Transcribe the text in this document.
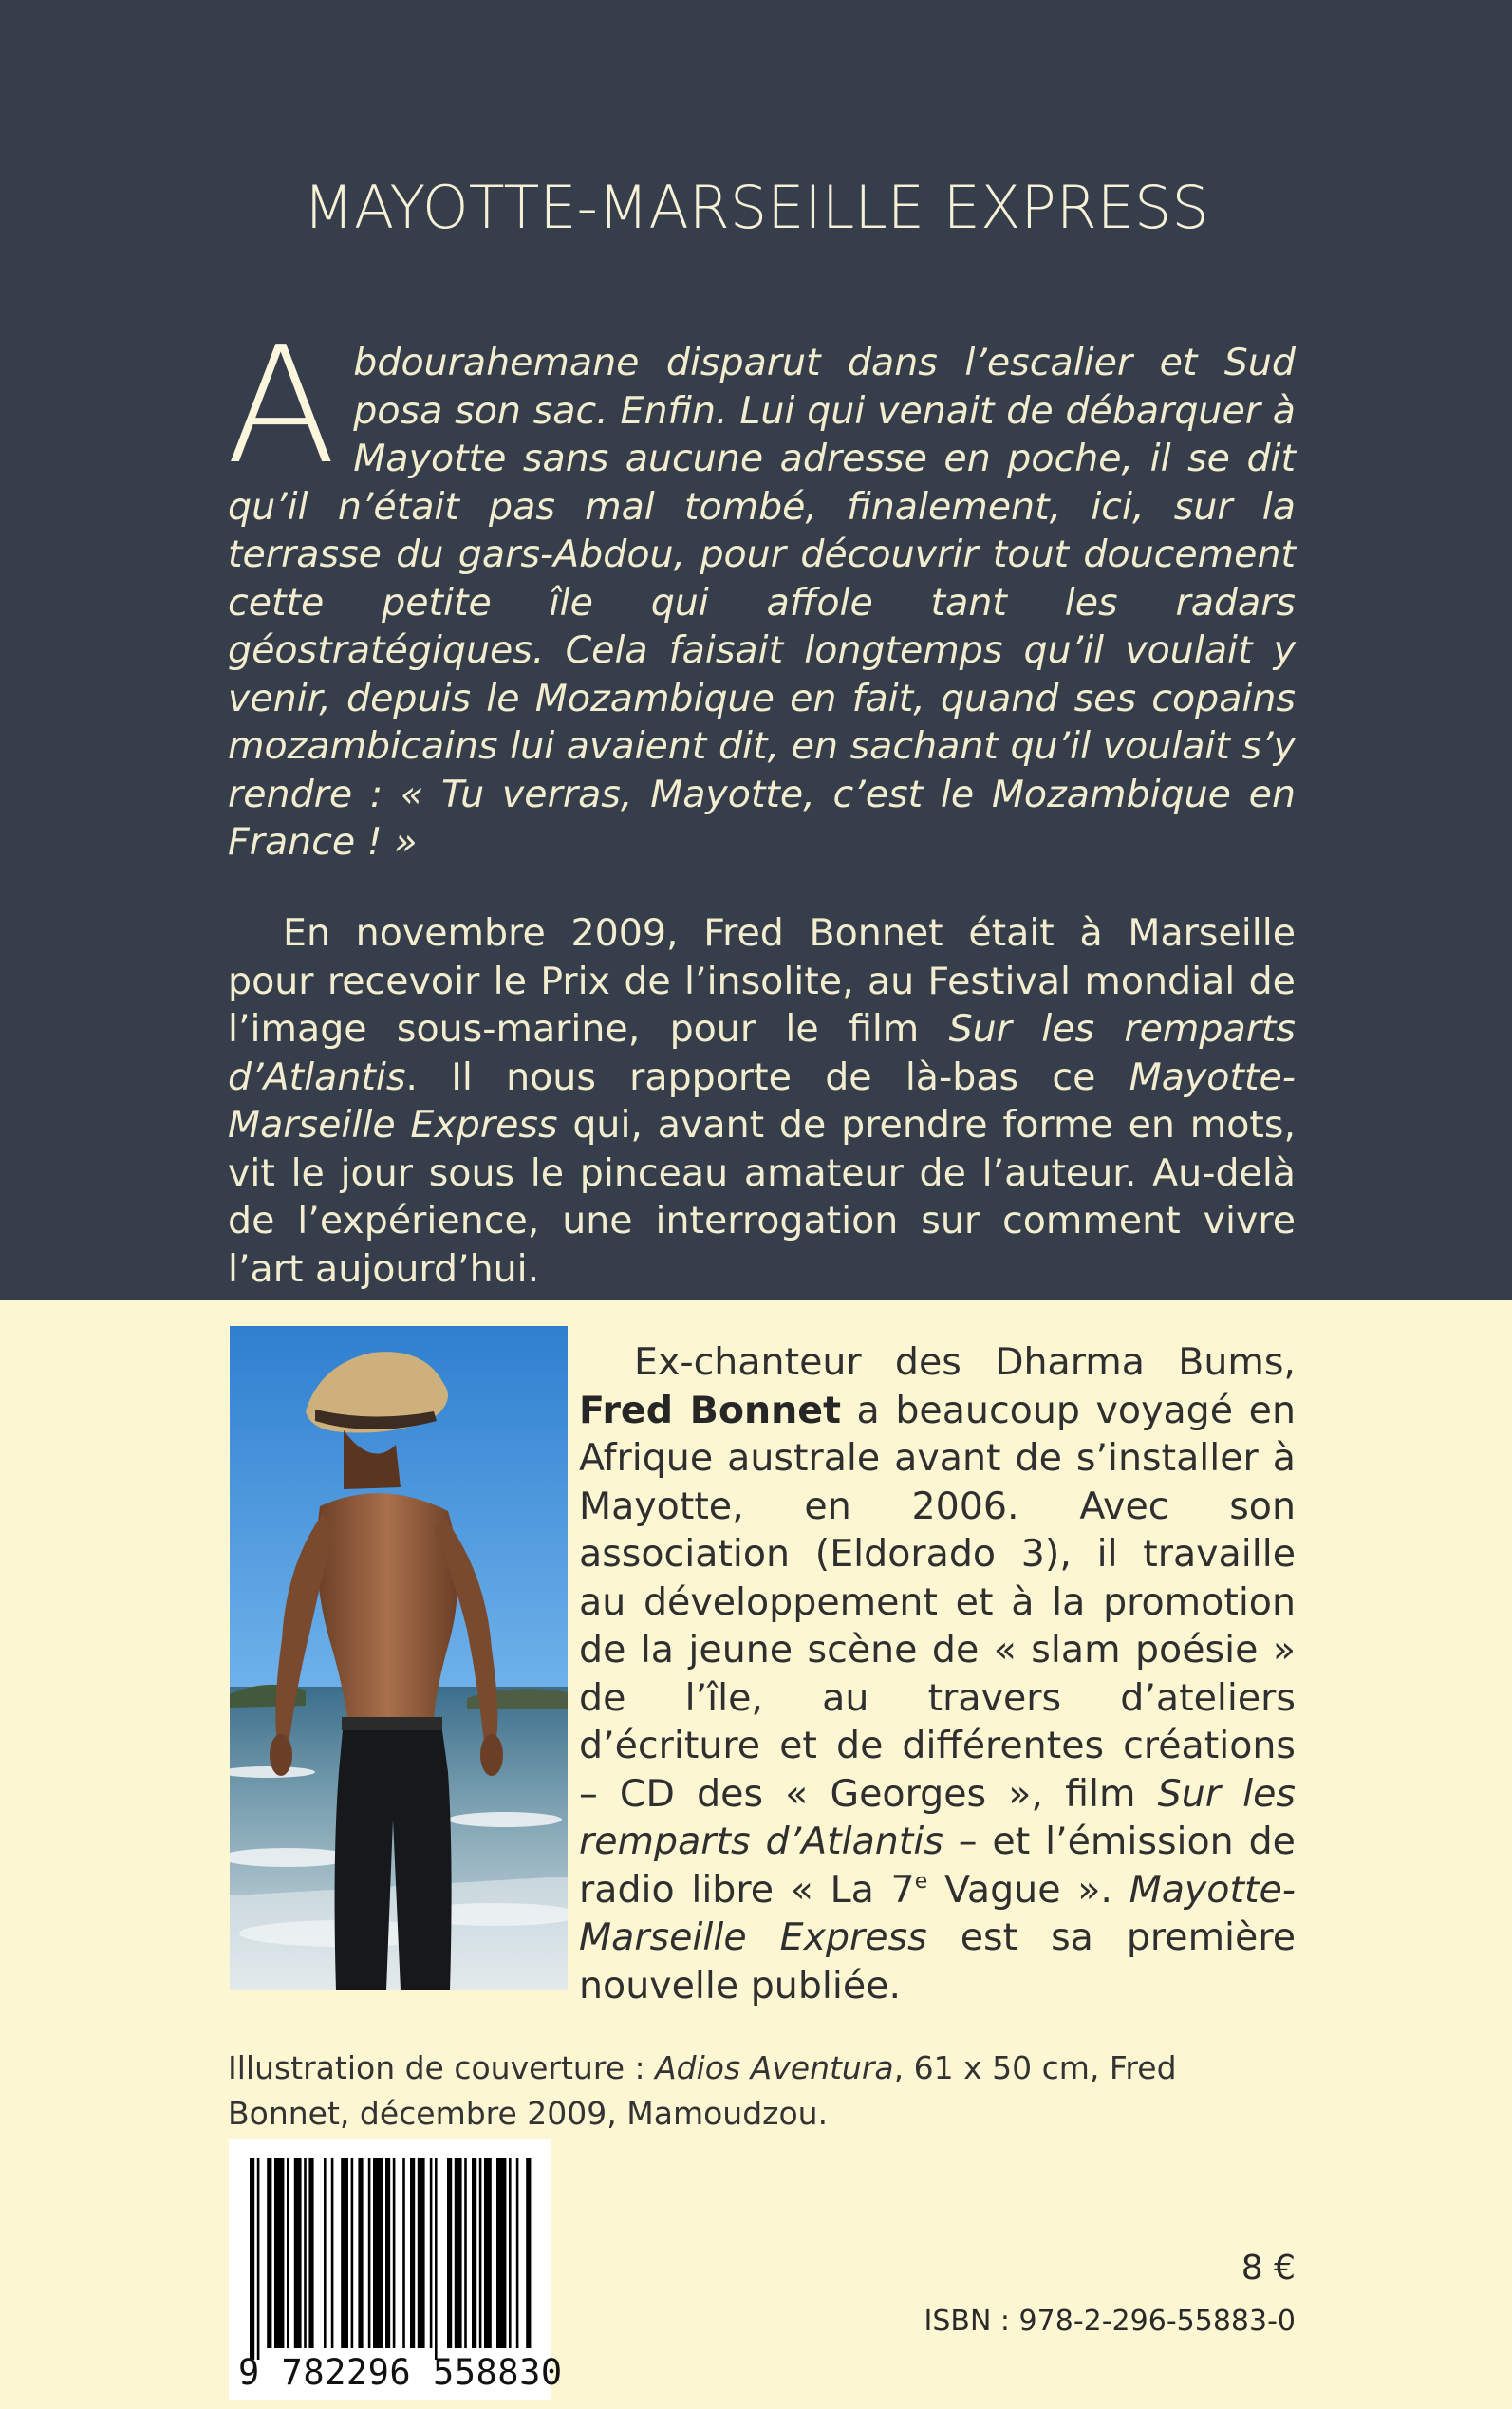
MAYOTTE-MARSEILLE EXPRESS

Abdourahemane disparut dans l’escalier et Sud posa son sac. Enfin. Lui qui venait de débarquer à Mayotte sans aucune adresse en poche, il se dit qu’il n’était pas mal tombé, finalement, ici, sur la terrasse du gars-Abdou, pour découvrir tout doucement cette petite île qui affole tant les radars géostratégiques. Cela faisait longtemps qu’il voulait y venir, depuis le Mozambique en fait, quand ses copains mozambicains lui avaient dit, en sachant qu’il voulait s’y rendre : « Tu verras, Mayotte, c’est le Mozambique en France ! »

En novembre 2009, Fred Bonnet était à Marseille pour recevoir le Prix de l’insolite, au Festival mondial de l’image sous-marine, pour le film Sur les remparts d’Atlantis. Il nous rapporte de là-bas ce Mayotte-Marseille Express qui, avant de prendre forme en mots, vit le jour sous le pinceau amateur de l’auteur. Au-delà de l’expérience, une interrogation sur comment vivre l’art aujourd’hui.

Ex-chanteur des Dharma Bums, Fred Bonnet a beaucoup voyagé en Afrique australe avant de s’installer à Mayotte, en 2006. Avec son association (Eldorado 3), il travaille au développement et à la promotion de la jeune scène de « slam poésie » de l’île, au travers d’ateliers d’écriture et de différentes créations – CD des « Georges », film Sur les remparts d’Atlantis – et l’émission de radio libre « La 7e Vague ». Mayotte-Marseille Express est sa première nouvelle publiée.

Illustration de couverture : Adios Aventura, 61 x 50 cm, Fred Bonnet, décembre 2009, Mamoudzou.

9 782296 558830
8 €
ISBN : 978-2-296-55883-0
